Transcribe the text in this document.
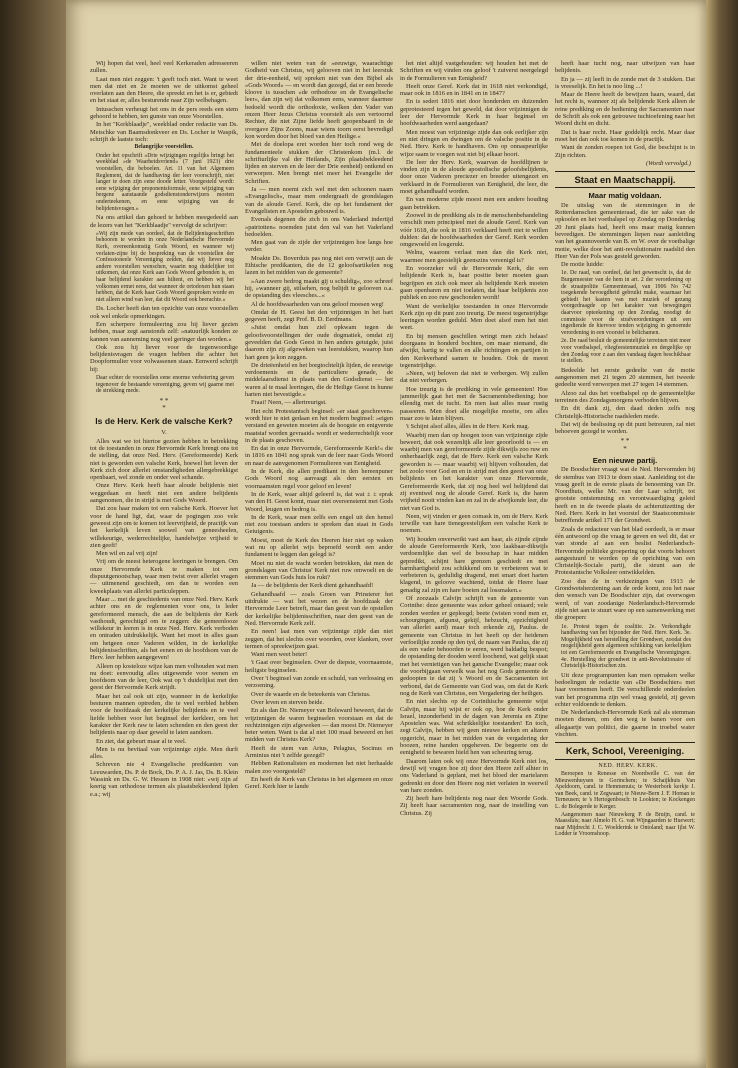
Wij hopen dat veel, heel veel Kerkeraden adresseeren zullen.

Laat men niet zeggen: 't geeft toch niet. Want te weet men dat niet en 2e moeten we de uitkomst geheel overlaten aan den Heere, die spreekt en het is er, gebiedt en het staat er, alles besturende naar Zijn welbehagen.

Intusschen verheugt het ons in de pers reeds een stem gehoord te hebben, ten gunste van onze Voorstellen.

In het "Kerkblaadje", weekblad onder redactie van Ds. Meischke van Baamsdonkveer en Ds. Locher te Waspik, schrijft de laatste toch:

Belangrijke voorstellen.

Onder het opschrift »Drie wijzigingen regelijks bringt het weekblad »de Waarheidsvriend« (7 juni 1923) drie voorstellen, die beboelen. Art. 11 van het Algemeen Reglement, dat de handhaving der leer voorschrijft, niet langer te doen zijn eene doode letter. Voorgesteld wordt: eene wijziging der proponentsformule, eene wijziging van bergene aanstaande godsdienstonderwijzers moeten onderteekenen, en eene wijziging van de belijdenisvragen.»

Na ons artikel dan gehoed te hebben meegedeeld aan de lezers van het "Kerkblaadje" vervolgt de schrijver:

»Wij zijn mede van oordeel, dat de Belijdenisgeschriften behooren te worden in onze Nederlandsche Hervormde Kerk, overeenkomstig Gods Woord, en wanneer wij verlaten-zijne bij de bespreking van de voorstellen der Confessioneele Vereeniging zeiden, dat wij liever nog andere voorstellen wenschen, waarin nog duidelijker tot uitkomen, dat onze Kerk aan Gods Woord gebonden is, en haar belijdend karakter aan hiltent, en hebben wij het volkomen ermet eens, dat wanneer de ortodoxen hun staan hebben, dat de Kerk haar Gods Woord gesproken worde en niet alleen wind van leer, dat dit Woord ook beerachte.«

Ds. Locher heeft dan ten opzichte van onze voorstellen ook wel enkele opmerkingen.

Een scherpere formuleering zou hij liever gezien hebben, maar zegt aanstonds zelf: »natuurlijk konden ze kannen van aanneming nog veel geringer dan worden.«

Ook zou hij liever voor de tegenwoordige belijdenisvragen de vragen hebben die achter het Doopformulier voor volwassenen staan. Eenwerd schrijft hij:

Daar echter de voorstellen eene enorme verbetering geven tegenover de bestaande vereeniging, geven wij gaarne met de strekking mede.

* *
*
Is de Herv. Kerk de valsche Kerk?

V.

Alles wat we tot hiertoe gezien hebben in betrekking tot de toestanden in onze Hervormde Kerk brengt ons tot de stelling, dat onze Ned. Herv. (Gereformeerde) Kerk niet is geworden een valsche Kerk, hoewel het leven der Kerk zich door allerlei omstandigheden allergebrekkigst openbaart, wel zonde en onder veel schande.

Onze Herv. Kerk heeft haar aloude belijdenis niet weggedaan en heeft niet een andere belijdenis aangenomen, die in strijd is met Gods Woord.

Dat zou haar maken tot een valsche Kerk. Hoever het voor de hand ligt, dat, waar de pogingen zoo vele geweest zijn om te komen tot leervrijheid, de practijk van het kerkelijk leven soowel van geneesheelen, willekeurige, wederrechtelijke, handelwijze vrijheid te zien geeft!

Men wil en zal vrij zijn!

Vrij om de meest heterogene leeringen te brengen. Om onze Hervormde Kerk te maken tot een dispuutgenootschap, waar men twist over allerlei vragen — uitmenend geschiedt, om dan te worden een kweekplaats van allerlei particuleppen.

Maar ... met de geschiedenis van onze Ned. Herv. Kerk achter ons en de reglementen voor ons, is leder gereformeerd mensch, die aan de belijdenis der Kerk vasthoudt, gerechtigd om te zeggen: die gemeenlooze willekeur in leeren is in onze Ned. Herv. Kerk verboden en ontraden uitdrukkelijk. Want het moet in alles gaan om hetgeen onze Vaderen wilden, in de kerkelijke belijdenisschriften, als het eenen en de hoofdsom van de Herv. leer hebben aangegeven!

Alleen op kosteloze wijze kan men volhouden wat men nu doet: eenvoudig alles uitgewende voor wenen en hoofdsom van de leer, Ook wat op 't duidelijkst met den geest der Hervormde Kerk strijdt.

Maar het zal ook uit zijn, wanneer in de kerkelijke besturen mannen optreden, die te veel verbled hebben voor de hoofdzaak der kerkelijke belijdenis en te veel liefde hebben voor het beginsel der kerkleer, om het karakter der Kerk raw te laten schenden en den geest der belijdenis naar op daar geweld te laten aandoen.

En ziet, dat gebeurt maar al te veel.

Men is nu bevitaal van vrijzinnige zijde. Men durft alles.

Schreven nie 4 Evangelische predikanten van Leeuwarden, Ds. P. de Bock, Ds. P. A. J. Jas, Ds. B. Klein Wassink en Ds. G. W. Hessen in 1908 niet: »wij zijn af keerig van orthodoxe termen als plaatsbekleedend lijden e.a.; wij

willen niet weten van de »eeuwige, waarachtige Godheid van Christus, wij gelooven niet in het leerstuk der drie-eenheid, wij spreken niet van den Bijbel als »Gods Woord« — en wordt dan gezegd, dat er een breede kloove is tusschen »de orthodoxe en de Evangelische leer«, dan zijn wij dat volkomen eens, wanneer daarmee bedoeld wordt die orthodoxie, welken den Vader van onzen Heer Jezus Christus voorstelt als een vertoornd Rechter, die niet Zijne liefde heeft geopenbaard in de overgave Zijns Zoons, maar wiens toorn eerst bevredigd kon worden door het bloed van den Heilige.«

Met de doelopa eret worden hier toch rond weg de fundamenteele stukken der Christenkom (m.l. de schrifturlijke val der Heilands, Zijn plaatsbekleedend lijden en sterven en de leer der Drie eenheid) ontkend en verworpen. Men brengt niet meer het Evangelie der Schriften.

Ja — men noemt zich wel met den schoonen naam »Evangelisch«, maar men ondergraaft de grondslagen van de aloude Geref. Kerk, die op het fundament der Evangelisten en Apostelen gebouwd is.

Evenals degenen die zich in ons Vaderland indertijd »patriotten« noemden juist den val van het Vaderland bedoelden.

Men gaat van de zijde der vrijzinnigen hoe langs hoe verder.

Moakte Ds. Boverduis pas nog niet een verwijt aan de Ethische predikanten, die de 12 geloofsartikelen nog lazen in het midden van de gemeente?

»Aan zwere bedrog maakt gij u schuldig«, zoo schreef hij, »wanneer gij, stilsehen, nog belijdt te gelooven o.a. de opstanding des vleesches...«

Al de hoofdwaarheden van ons geloof moesen weg!

Omdat de H. Geest het den vrijzinnigen in het hart gegeven heeft, zegt Prof. B. D. Eerdmans.

»Juist omdat hun ziel opkwam tegen de geloofsvoorstellingen der oude dogmatiek, omdat zij geveelden dat Gods Geest in hen anders getuigde, juist daarom zijn zij afgeweken van leerstukken, waarop hun hart geen ja kon zeggen.

De drieëenheid en het borgtochtelijk lijden, de eeuwige verdoemenis en de particuliere genade, de middelaarsdienst in plaats van den Godsdienst — het waren al te maal leeringen, die de Heilige Geest in hunne harten niet bevestigde.«

Fraai! Neen, — allertreurigst.

Het echt Protestantsch beginsel: »er staat geschreven« wordt hier te niet gedaan en het modern beginsel: »eigen verstand en geweten moeten als de hoogste en enigverste maatstaf worden gevraaid« wordt er wederrechtelijk voor in de plaats geschoven.

En dat in onze Hervormde, Gereformeerde Kerk!« die in 1816 en 1841 nog sprak van de leer naar Gods Woord en naar de aanvgenomen Formulieren van Eenigheid.

In de Kerk, die allen predikant in den hereenpuner Gods Woord nog aanvaagt als den eersten en voornaamsten regel voor geloof en leven!

In de Kerk, waar altijd geleerd is, dat wat ± ± sprak van den H. Geest komt, maar niet overeenstemt met Gods Woord, leugen en bedrog is.

In de Kerk, waar men zelfs een engel uit den hemel niet zou toestaan anders te spreken dan staat in Gods Getuigenis.

Moest, moet de Kerk des Heeren hier niet op waken wat nu op allerlei wijs beproefd wordt een ander fundament te leggen dan gelegd is?

Moet nu niet de wacht worden betrokken, dat men de grondslagen van Christus' Kerk niet ruw omwoelt en de stemmen van Gods huis los rukt?

Ja — de belijdenis der Kerk dient gehandhaafd!

Gehandhaafd — zoals Groen van Prinsterer het uitdrukte — wat het wezen en de hoofdzaak der Hervormde Leer betreft, maar dan geest van de opstellen der kerkelijke belijdenisschriften, naar den geest van de Ned. Hervormde Kerk zelf.

En neen! laat men van vrijzinnige zijde dan niet zeggen, dat het slechts over woorden, over klanken, over termen of spreekwijzen gaat.

Want men weet beter!

't Gaat over beginselen. Over de diepste, voornaamste, heiligste beginselen.

Over 't beginsel van zonde en schuld, van verlossing en verzoening.

Over de waarde en de beteekenis van Christus.

Over leven en sterven beide.

En als dan Dr. Niemeyer van Bolsward beweert, dat de vrijzinnigen de waren beginselen voorstaan en dat de rechtzinnigen zijn afgeweken — dan moest Dr. Niemeyer beter weten. Want is dat al niet 100 maal beweerd en het midden van Christus Kerk?

Heeft de stem van Arius, Pelagius, Socinus en Arminius niet 't zelfde gezegd?

Hebben Rationalisten en modernen het niet herhaalde malen zoo voorgesteld?

En heeft de Kerk van Christus in het algemeen en onze Geref. Kerk hier te lande

het niet altijd vastgehouden: wij houden het met de Schriften en wij vinden ons geloof 't zuiverst neergelegd in de Formulieren van Eenigheid?

Heeft onze Geref. Kerk dat in 1618 niet verkondigd, maar ook in 1816 en in 1841 en in 1847?

En is sedert 1816 niet door honderden en duizenden geprotesteerd tegen het geweld, dat door vrijzinnigen de leer der Hervormde Kerk in haar beginsel en hoofdwaarheden werd aangedaan?

Men moest van vrijzinnige zijde dan ook eerlijker zijn en niet dringen en dwingen om de valsche positie in de Ned. Herv. Kerk te handhaven. Om op onnaspeurlijke wijze saam te voegen wat niet bij elkaar hoort.

De leer der Herv. Kerk, waarvan de hoofdlijnen te vinden zijn in de aloude apostolische geloofsbelijdenis, door onze Vaderen preciezer en breeder uitengezet en verklaard in de Formulieren van Eenigheid, die leer, die moet gehandhaafd worden.

En van moderne zijde moest men een andere houding gaan betrekken.

Zoowel in de prediking als in de menschenbehandeling verschilt men principieel met de aloude Geref. Kerk van vóór 1618, die ook in 1816 verklaard heeft niet te willen dulden: dat de hoofdwaarheden der Geref. Kerk worden omgewoeld en losgerukt.

Welnu, waarom verlaat men dan die Kerk niet, waarmee men geestelijk geenszins vereenigd is?

En voorzeker wil de Hervormde Kerk, die een belijdende Kerk is, haar positie beter moeten gaan begrijpen en zich ook meer als belijdende Kerk moeten gaan openbaren en niet toelaten, dat haar belijdenis zoo publiek en zoo ruw geschonden wordt!

Want de werkelijke toestanden in onze Hervormde Kerk zijn op dit punt zoo treurig. De meest tegenstrijdige leeringen worden geduld. Men doet alsof men het niet weet.

En bij mensen geschillen wringt men zich helaas! doorgaans in honderd bochten, om maar niemand, die afwijkt, hartig te vallen en alle richtingen en partijen in den Kerkverband samen te houden. Ook de meest tegenstrijdige.

»Neen, wij beloven dat niet te verbergen. Wij zullen dat niet verbergen.

Hoe treurig is de prediking in vele gemeenten! Hoe jammerlijk gaat het met de Sacramentsbediening; hoe ellendig met de tucht. En men laat alles maar rustig passeeren. Men doet alle mogelijke moeite, om alles maar zoo te laten blijven.

't Schijnt alsof alles, álles in de Herv. Kerk mag.

Waarbij men dan op hoogen toon van vrijzinnige zijde beweert, dat ook wezenlijk alle leer geoorloofd is — en waarbij men van gereformeerde zijde dikwijls zoo ruw en onherhaarlijk zegt, dat de Herv. Kerk een valsche Kerk geworden is — maar waarbij wij blijven volhouden, dat het zoolo voor God en en in strijd met den geest van onze belijdenis en het karakter van onze Hervormde, Gereformeerde Kerk, dat zij nog heel wel belijdend dat zij eventwel nog de aloude Geref. Kerk is, die haren vrijheid nooit vinden kan en zal in de afwijkende leer, die niet van God is.

Neen, wij vinden er geen comask in, om de Herv. Kerk terwille van hare tienegeestelijken een valsche Kerk te noemen.

Wij houden onverwrikt vast aan haar, als zijnde zijnde de aloude Gereformeerde Kerk, 'zoo laakbaar-dikwijls verdoemlijke dan wel de booschap in haar midden gepredikt, schijnt hare grenzen geschiedt en met barmhartigheid zou schikkend om te verbeteren wat te verbeteren is, gedulidig dragend, met smart doet harten klagend, in geloove wachtend, totdat de Heere haar genadig zal zijn en hare boeien zal lossmaken.«

Of zoozaals Calvijn schrijft van de gemeente van Corinthe: deze gemeente was zeker geheel ontaard; vele zonden werden er gepleegd; beete (wisten vond men er, schourgingen, afgunst, gekijf, hebzucht, opzichtigheid van allerlei aard) maar toch erkende zij, Paulus. de gemeente van Christus in het heeft op der heidenen verfoeilijke zonde op den tyd, de naam van Paulus, die zij als een vader behoorden te eeren, werd baldadig bespot; de opstanding der dooden werd loochend, wat gelijk staat met het vernietigen van het gansche Evangelie; maar ook die voorbijgaan verwelk was het nog Gods gemeente de gedoopten te dat zij 's Woord en de Sacramenten tot verbond, dat de Gemeente van God was, om dat de Kerk nog de Kerk van Christus, een Vergadering der heiligen.

En niet slechts op de Corinthische gemeente wijst Calvijn, maar hij wijst er ook op, hoe de Kerk onder Israel, inzonderheid in de dagen van Jeremia en Zijne Apostelen was. Wat schrikkelijke toestanden! En toch, zegt Calvijn, hebben wij geen nieuwe kerken en altaren opgericht, maar in het midden van de vergadering der boozen, reine handen opgeheven. De begeerte om de eenigheid te bewaren hield hen van scheuring terug.

Daarom laten ook wij onze Hervormde Kerk niet los, dewijl wij vragen hoe zij door den Heere zelf alhier in ons Vaderland is geplant, met het bloed der martelaren gedrenkt en door den Heere nog niet verlaten in weerwil van hare zonden.

Zij heeft hare belijdenis nog naar den Woorde Gods. Zij heeft haar sacramenten nog, naar de instelling van Christus. Zij

heeft haar tucht nog, naar uitwijzen van haar belijdenis.

En ja — zij leeft in de zonde met de 3 stukken. Dat is vreeselijk. En het is noo ling ...!

Maar de Heere heeft de bewijzen haars, waard, dat het recht is, wanneer zij als belijdende Kerk alleen de reine prediking en de bediening der Sacramenten naar de Schrift als ook een getrouwe tuchtoefening naar het Woord dicht en dicht.

Dat is haar recht. Haar goddelijk recht. Maar daar moet het dan ook toe komen in de practijk.

Want de zonden roepen tot God, die beschijnt is in Zijn richten.

(Wordt vervolgd.)

Staat en Maatschappij.
Maar matig voldaan.

De uitslag van de stemmingen in de Rotterdamschen gemeenteraad, die ter sake van de opkoolen en het voetbalspel op Zondag op Donderdag 20 Juni plaats had, heeft ons maar matig kunnen bevredigen. De stemmingen liepen naar aanleiding van het geannoveerde van B. en W. over de voetbalige motie, welke door het anti-revolutionaire raadslid den Heer Van der Pols was gesteld geworden.

De motie luidde:

1e. De raad, van oordeel, dat het gewenscht is, dat de Burgemeester van de hem in art. 2 der verordening op de straatpolitie Gemeenteraad, van 1906 No 742 toegekende bevoegdheid gebruikt make, waarnaar het gebiedt het kasten van met muziek of gezang voorgedraagde op het karakter van bewegingen daarvoor opteekening op den Zondag, noodigt de commissie voor de strafverordeningen uit een ingediende de hiervoor tenden wijziging in genoemde verordening in een voorstel te belichamen.

2e. De raad besluit de gemeentelijke terreinen niet meer voor voetbalspel, vliegfeestenmuziek en dergelijke op den Zondag voor z aan den vandaag dagen beschikbaar te stellen.

Bedeelde het eerste gedeelte van de motie aangenomen met 21 tegen 20 stemmen, het tweede gedeelte werd verworpen met 27 tegen 14 stemmen.

Alzoo zal dus het voetbalspel op de gemeentelijke terreinen des Zondagsmorgens verboden blijven.

En dit dank zij, den daad deden zelfs nog Christelijk-Historische raadsleden mede.

Dat wij de beslissing op dit punt betreuren, zal niet behoeven gezegd te worden.

* *
*
Een nieuwe partij.

De Boodschier vraagt wat de Ned. Hervormden bij de stembus van 1913 te doen staat. Aanleiding tot die vraag geeft in de eerste plaats de benoeming van Dr. Noordhuis, welke Mr. van der Laar schrijft, tot grootste ontstemming en verontwaardiging geleid heeft en in de tweede plaats de achteruitzetting der Ned. Herv. Kerk in het voorstel der Staatscommissie betreffende artikel 171 der Grondwet.

Zoals de redacteur van het blad oordeelt, is er maar één antwoord op die vraag te geven en wel dit, dat er van stonde af aan een beslist Nederlandsch-Hervormde politieke groepering op dat voorts behoort aangestuurd te worden op de oprichting van een Christelijk-Sociale partij, die steunt aan de Protestantsche Volksleer ontwikkelden.

Zoo dus de in verkiezingen van 1913 de Grondwetsherziening aan de orde komt, zou het naar den wensch van De Boodschier zijn, dat overwogen werd, of van zoodanige Nederlandsch-Hervormde zijde niet aan te stuurt ware op een samenwerking met die groepen:

1e. Protest tegen de coalitie. 2e. Verkondigde handhaving van het bijzonder der Ned. Herv. Kerk. 3e. Mogelijkheid van herstelling der Grondwet, zoodat des mogelijkheid geen algemeen schikking van kerkelijken tot een Gereformeerde en Evangelische Vereenigingen. 4e. Herstelling der grondwet in anti-Revolutionaire of Christelijk-Historischen zin.

Uit deze programpunten kan men opmaken welke bedoelingen de redactie van »De Boodschier« met haar voornemen heeft. De verschillende onderdeelen van het programma zijn wel vraag gesteld, zij geven echter voldoende te denken.

De Nederlandsch-Hervormde Kerk zal als stemman moeten dienen, om den weg te banen voor een allegaartje van politici, die gaarne in troebel water vischten.

Kerk, School, Vereeniging.

NED. HERV. KERK.

Beroepen te Renesse en Noordwelle C. van der Mieuwenhuysen te Gorinchem; te Schaijkhuis Van Apeldoorn, cand. te Hemmenuis; te Westerbork kerkje J. van Beek, cand. te Zegwaart; te Nieuw-Bern J. F. Homan te Terneusen; te 's Hertogenbosch: te Lookten; te Kockengen L. de Bolegerde te Kerger.

Aangenomen naar Nieuwkerg P. de Bruijn, cand. te Maassluis; naar Almelo H. G. van Wijngaarden te Huewert; naar Mijdrecht J. C. Woelderink te Ontoland; naar Ijlst W. Lodder te Vroomshoop.
